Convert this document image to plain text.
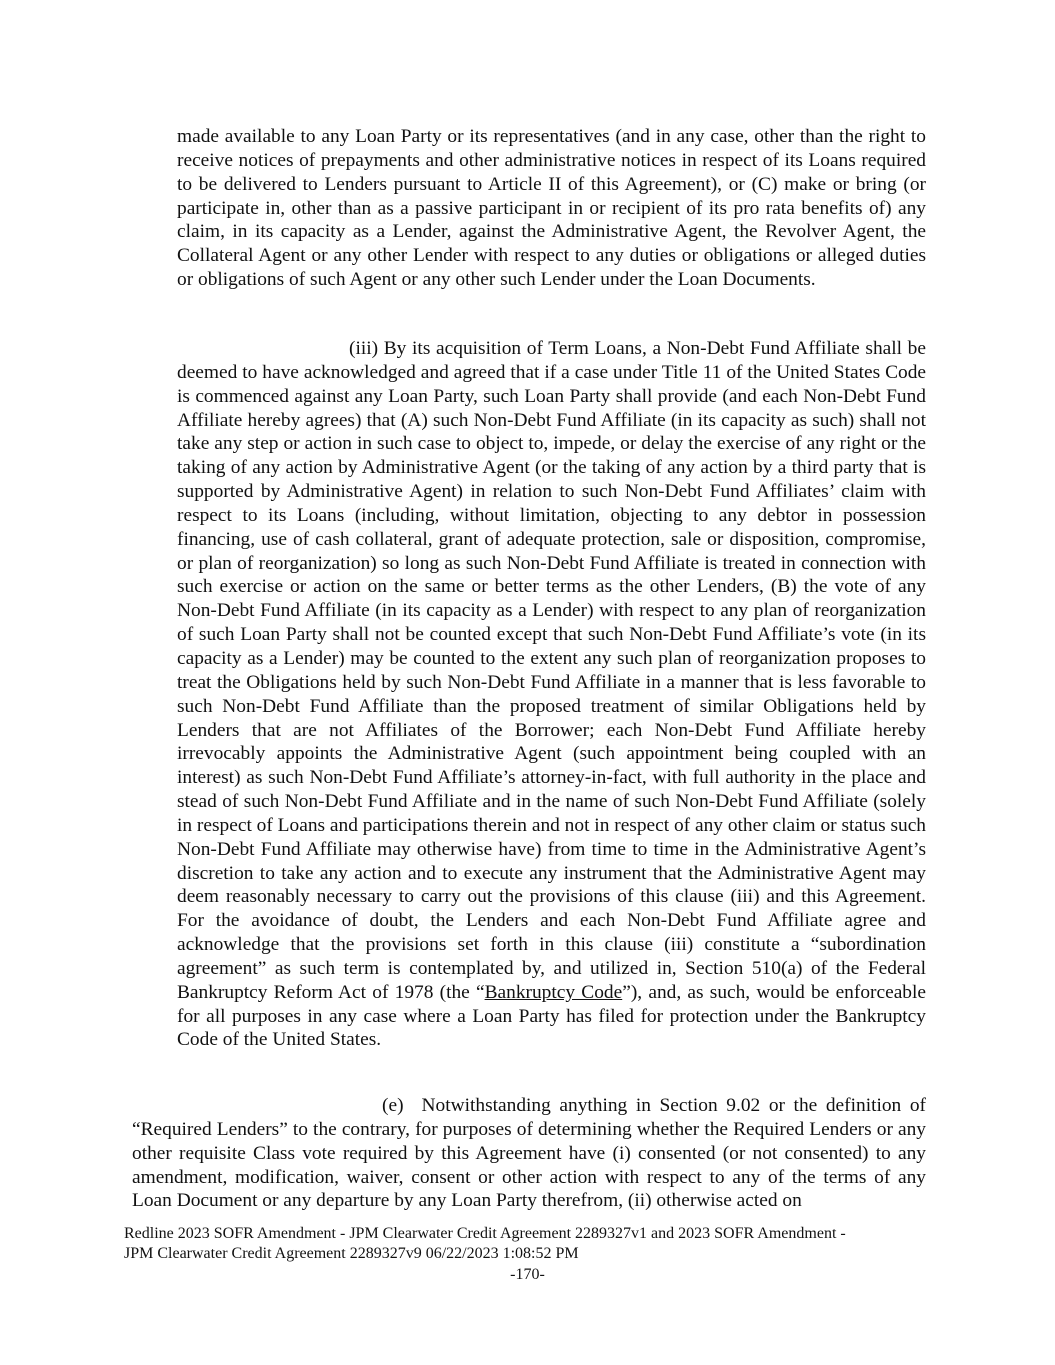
made available to any Loan Party or its representatives (and in any case, other than the right to receive notices of prepayments and other administrative notices in respect of its Loans required to be delivered to Lenders pursuant to Article II of this Agreement), or (C) make or bring (or participate in, other than as a passive participant in or recipient of its pro rata benefits of) any claim, in its capacity as a Lender, against the Administrative Agent, the Revolver Agent, the Collateral Agent or any other Lender with respect to any duties or obligations or alleged duties or obligations of such Agent or any other such Lender under the Loan Documents.

(iii) By its acquisition of Term Loans, a Non-Debt Fund Affiliate shall be deemed to have acknowledged and agreed that if a case under Title 11 of the United States Code is commenced against any Loan Party, such Loan Party shall provide (and each Non-Debt Fund Affiliate hereby agrees) that (A) such Non-Debt Fund Affiliate (in its capacity as such) shall not take any step or action in such case to object to, impede, or delay the exercise of any right or the taking of any action by Administrative Agent (or the taking of any action by a third party that is supported by Administrative Agent) in relation to such Non-Debt Fund Affiliates’ claim with respect to its Loans (including, without limitation, objecting to any debtor in possession financing, use of cash collateral, grant of adequate protection, sale or disposition, compromise, or plan of reorganization) so long as such Non-Debt Fund Affiliate is treated in connection with such exercise or action on the same or better terms as the other Lenders, (B) the vote of any Non-Debt Fund Affiliate (in its capacity as a Lender) with respect to any plan of reorganization of such Loan Party shall not be counted except that such Non-Debt Fund Affiliate’s vote (in its capacity as a Lender) may be counted to the extent any such plan of reorganization proposes to treat the Obligations held by such Non-Debt Fund Affiliate in a manner that is less favorable to such Non-Debt Fund Affiliate than the proposed treatment of similar Obligations held by Lenders that are not Affiliates of the Borrower; each Non-Debt Fund Affiliate hereby irrevocably appoints the Administrative Agent (such appointment being coupled with an interest) as such Non-Debt Fund Affiliate’s attorney-in-fact, with full authority in the place and stead of such Non-Debt Fund Affiliate and in the name of such Non-Debt Fund Affiliate (solely in respect of Loans and participations therein and not in respect of any other claim or status such Non-Debt Fund Affiliate may otherwise have) from time to time in the Administrative Agent’s discretion to take any action and to execute any instrument that the Administrative Agent may deem reasonably necessary to carry out the provisions of this clause (iii) and this Agreement. For the avoidance of doubt, the Lenders and each Non-Debt Fund Affiliate agree and acknowledge that the provisions set forth in this clause (iii) constitute a “subordination agreement” as such term is contemplated by, and utilized in, Section 510(a) of the Federal Bankruptcy Reform Act of 1978 (the “Bankruptcy Code”), and, as such, would be enforceable for all purposes in any case where a Loan Party has filed for protection under the Bankruptcy Code of the United States.

(e) Notwithstanding anything in Section 9.02 or the definition of “Required Lenders” to the contrary, for purposes of determining whether the Required Lenders or any other requisite Class vote required by this Agreement have (i) consented (or not consented) to any amendment, modification, waiver, consent or other action with respect to any of the terms of any Loan Document or any departure by any Loan Party therefrom, (ii) otherwise acted on

Redline 2023 SOFR Amendment - JPM Clearwater Credit Agreement 2289327v1 and 2023 SOFR Amendment -
JPM Clearwater Credit Agreement 2289327v9 06/22/2023 1:08:52 PM
-170-
